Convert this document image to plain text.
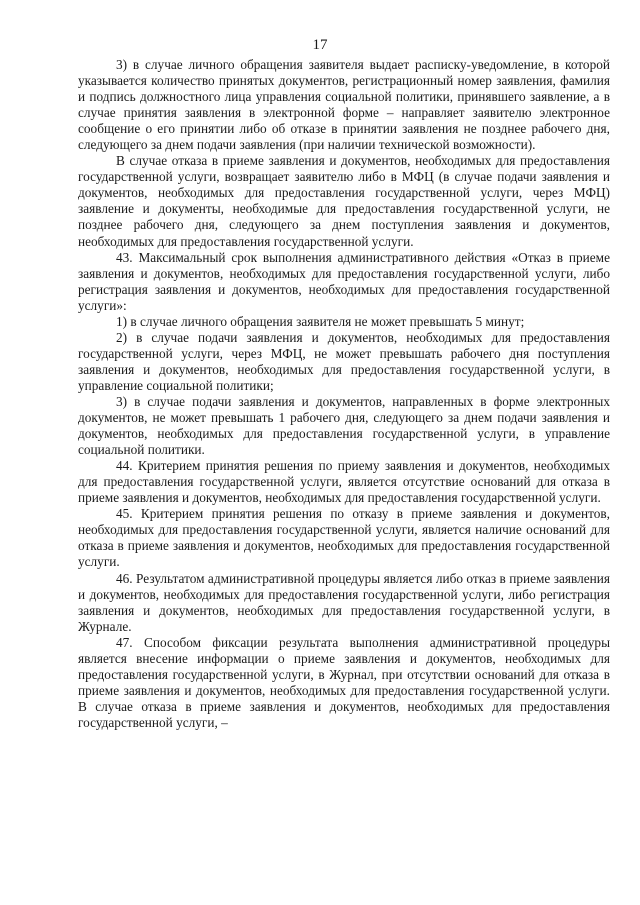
17

3) в случае личного обращения заявителя выдает расписку-уведомление, в которой указывается количество принятых документов, регистрационный номер заявления, фамилия и подпись должностного лица управления социальной политики, принявшего заявление, а в случае принятия заявления в электронной форме – направляет заявителю электронное сообщение о его принятии либо об отказе в принятии заявления не позднее рабочего дня, следующего за днем подачи заявления (при наличии технической возможности).

В случае отказа в приеме заявления и документов, необходимых для предоставления государственной услуги, возвращает заявителю либо в МФЦ (в случае подачи заявления и документов, необходимых для предоставления государственной услуги, через МФЦ) заявление и документы, необходимые для предоставления государственной услуги, не позднее рабочего дня, следующего за днем поступления заявления и документов, необходимых для предоставления государственной услуги.

43. Максимальный срок выполнения административного действия «Отказ в приеме заявления и документов, необходимых для предоставления государственной услуги, либо регистрация заявления и документов, необходимых для предоставления государственной услуги»:

1) в случае личного обращения заявителя не может превышать 5 минут;

2) в случае подачи заявления и документов, необходимых для предоставления государственной услуги, через МФЦ, не может превышать рабочего дня поступления заявления и документов, необходимых для предоставления государственной услуги, в управление социальной политики;

3) в случае подачи заявления и документов, направленных в форме электронных документов, не может превышать 1 рабочего дня, следующего за днем подачи заявления и документов, необходимых для предоставления государственной услуги, в управление социальной политики.

44. Критерием принятия решения по приему заявления и документов, необходимых для предоставления государственной услуги, является отсутствие оснований для отказа в приеме заявления и документов, необходимых для предоставления государственной услуги.

45. Критерием принятия решения по отказу в приеме заявления и документов, необходимых для предоставления государственной услуги, является наличие оснований для отказа в приеме заявления и документов, необходимых для предоставления государственной услуги.

46. Результатом административной процедуры является либо отказ в приеме заявления и документов, необходимых для предоставления государственной услуги, либо регистрация заявления и документов, необходимых для предоставления государственной услуги, в Журнале.

47. Способом фиксации результата выполнения административной процедуры является внесение информации о приеме заявления и документов, необходимых для предоставления государственной услуги, в Журнал, при отсутствии оснований для отказа в приеме заявления и документов, необходимых для предоставления государственной услуги. В случае отказа в приеме заявления и документов, необходимых для предоставления государственной услуги, –
